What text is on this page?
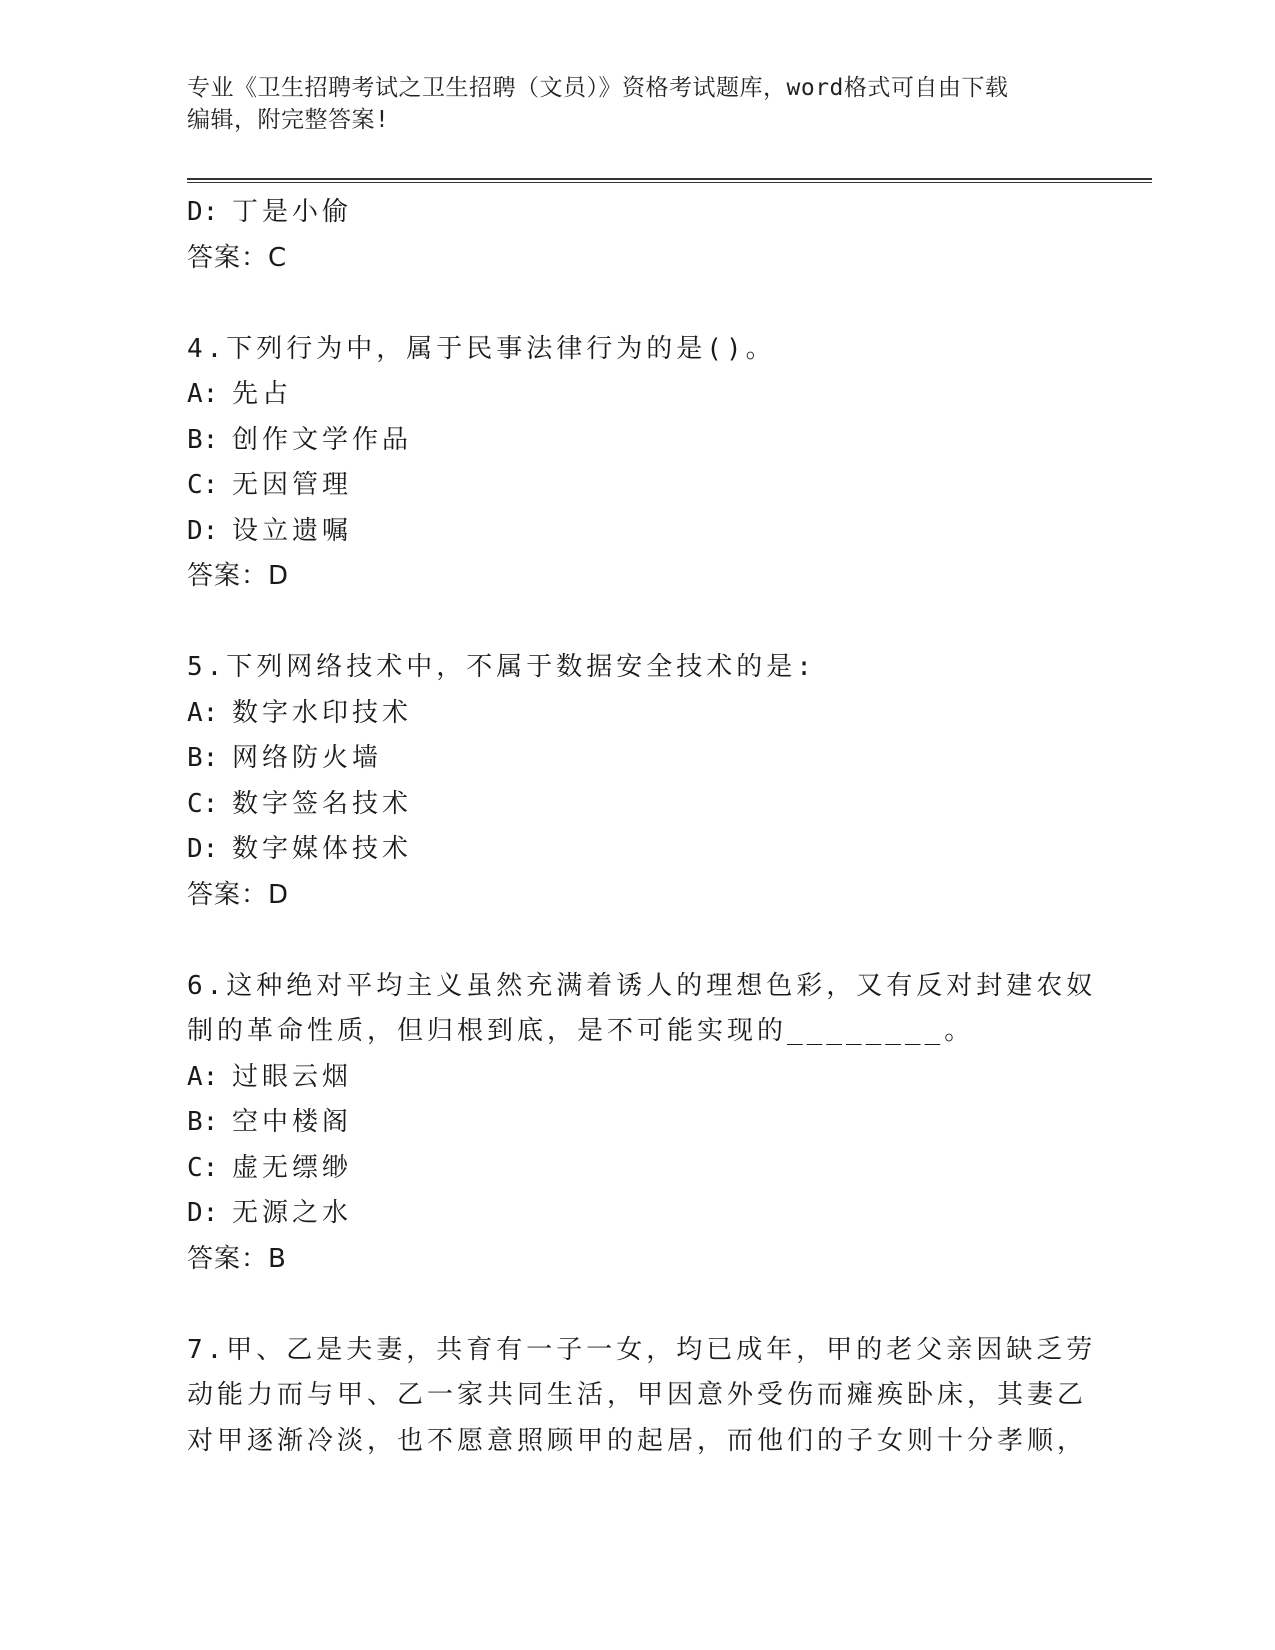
专业《卫生招聘考试之卫生招聘（文员）》资格考试题库，word格式可自由下载
编辑，附完整答案!
D: 丁是小偷
答案：C
4.下列行为中，属于民事法律行为的是()。
A: 先占
B: 创作文学作品
C: 无因管理
D: 设立遗嘱
答案：D
5.下列网络技术中，不属于数据安全技术的是:
A: 数字水印技术
B: 网络防火墙
C: 数字签名技术
D: 数字媒体技术
答案：D
6.这种绝对平均主义虽然充满着诱人的理想色彩，又有反对封建农奴
制的革命性质，但归根到底，是不可能实现的________。
A: 过眼云烟
B: 空中楼阁
C: 虚无缥缈
D: 无源之水
答案：B
7.甲、乙是夫妻，共育有一子一女，均已成年，甲的老父亲因缺乏劳
动能力而与甲、乙一家共同生活，甲因意外受伤而瘫痪卧床，其妻乙
对甲逐渐冷淡，也不愿意照顾甲的起居，而他们的子女则十分孝顺，
